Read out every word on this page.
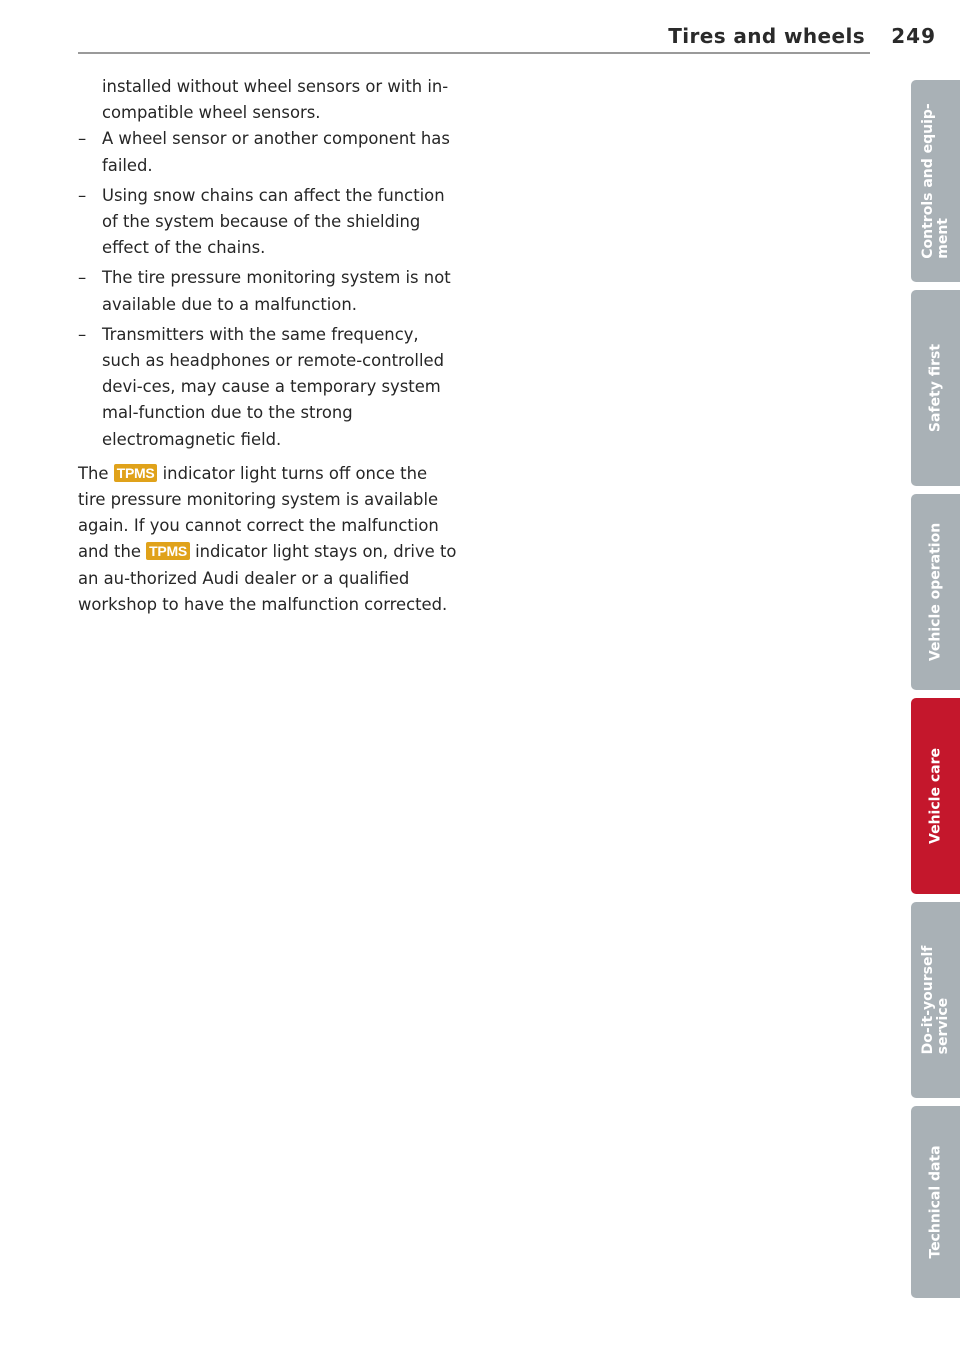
Tires and wheels 249

installed without wheel sensors or with in-compatible wheel sensors.

– A wheel sensor or another component has failed.
– Using snow chains can affect the function of the system because of the shielding effect of the chains.
– The tire pressure monitoring system is not available due to a malfunction.
– Transmitters with the same frequency, such as headphones or remote-controlled devi-ces, may cause a temporary system mal-function due to the strong electromagnetic field.

The TPMS indicator light turns off once the tire pressure monitoring system is available again. If you cannot correct the malfunction and the TPMS indicator light stays on, drive to an au-thorized Audi dealer or a qualified workshop to have the malfunction corrected.

Controls and equip- ment
Safety first
Vehicle operation
Vehicle care
Do-it-yourself service
Technical data
